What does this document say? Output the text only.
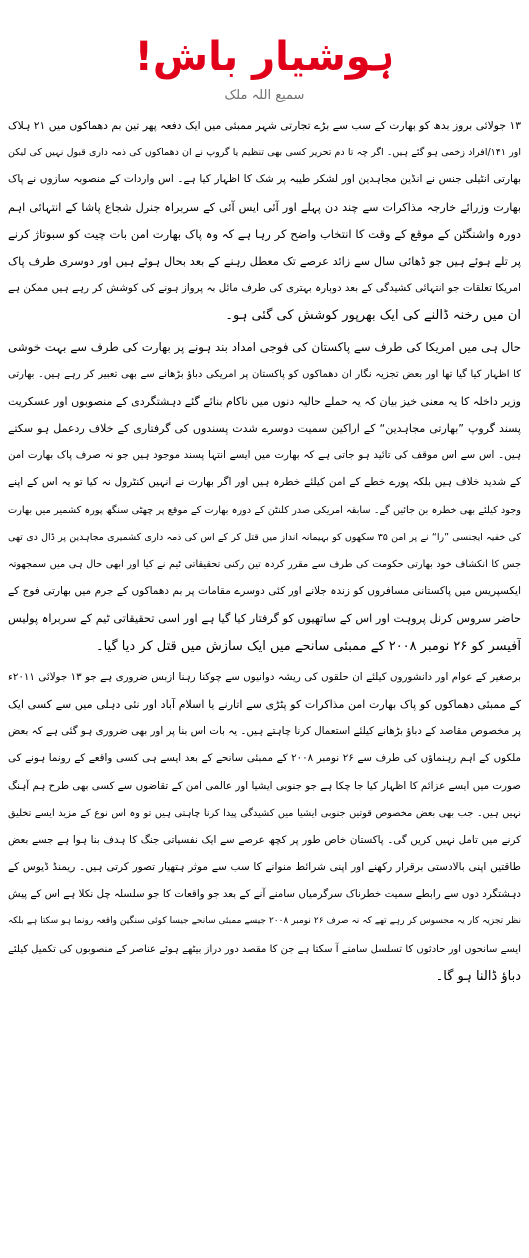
ہوشیار باش!
سمیع اللہ ملک
۱۳ جولائی بروز بدھ کو بھارت کے سب سے بڑے تجارتی شہر ممبئی میں ایک دفعہ پھر تین بم دھماکوں میں ۲۱ ہلاک
اور ۱۴۱/افراد زخمی ہو گئے ہیں۔ اگر چہ تا دم تحریر کسی بھی تنظیم یا گروپ نے ان دھماکوں کی ذمہ داری قبول نہیں کی لیکن
بھارتی انٹیلی جنس نے انڈین مجاہدین اور لشکر طیبہ پر شک کا اظہار کیا ہے۔ اس واردات کے منصوبہ سازوں نے پاک
بھارت وزرائے خارجہ مذاکرات سے چند دن پہلے اور آئی ایس آئی کے سربراہ جنرل شجاع پاشا کے انتہائی اہم
دورہ واشنگٹن کے موقع کے وقت کا انتخاب واضح کر رہا ہے کہ وہ پاک بھارت امن بات چیت کو سبوتاژ کرنے
پر تلے ہوئے ہیں جو ڈھائی سال سے زائد عرصے تک معطل رہنے کے بعد بحال ہوئے ہیں اور دوسری طرف پاک
امریکا تعلقات جو انتہائی کشیدگی کے بعد دوبارہ بہتری کی طرف مائل بہ پرواز ہونے کی کوشش کر رہے ہیں ممکن ہے
ان میں رخنہ ڈالنے کی ایک بھرپور کوشش کی گئی ہو۔
حال ہی میں امریکا کی طرف سے پاکستان کی فوجی امداد بند ہونے پر بھارت کی طرف سے بہت خوشی
کا اظہار کیا گیا تھا اور بعض تجزیہ نگار ان دھماکوں کو پاکستان پر امریکی دباؤ بڑھانے سے بھی تعبیر کر رہے ہیں۔ بھارتی
وزیر داخلہ کا یہ معنی خیز بیان کہ یہ حملے حالیہ دنوں میں ناکام بنائے گئے دہشتگردی کے منصوبوں اور عسکریت
پسند گروپ ”بھارتی مجاہدین“ کے اراکین سمیت دوسرے شدت پسندوں کی گرفتاری کے خلاف ردعمل ہو سکتے
ہیں۔ اس سے اس موقف کی تائید ہو جاتی ہے کہ بھارت میں ایسے انتہا پسند موجود ہیں جو نہ صرف پاک بھارت امن
کے شدید خلاف ہیں بلکہ پورے خطے کے امن کیلئے خطرہ ہیں اور اگر بھارت نے انہیں کنٹرول نہ کیا تو یہ اس کے اپنے
وجود کیلئے بھی خطرہ بن جائیں گے۔ سابقہ امریکی صدر کلنٹن کے دورہ بھارت کے موقع پر چھٹی سنگھ پورہ کشمیر میں بھارت
کی خفیہ ایجنسی ”را“ نے پر امن ۳۵ سکھوں کو بہیمانہ انداز میں قتل کر کے اس کی ذمہ داری کشمیری مجاہدین پر ڈال دی تھی
جس کا انکشاف خود بھارتی حکومت کی طرف سے مقرر کردہ تین رکنی تحقیقاتی ٹیم نے کیا اور ابھی حال ہی میں سمجھوتہ
ایکسپریس میں پاکستانی مسافروں کو زندہ جلانے اور کئی دوسرے مقامات پر بم دھماکوں کے جرم میں بھارتی فوج کے
حاضر سروس کرنل پروہت اور اس کے ساتھیوں کو گرفتار کیا گیا ہے اور اسی تحقیقاتی ٹیم کے سربراہ پولیس
آفیسر کو ۲۶ نومبر ۲۰۰۸ کے ممبئی سانحے میں ایک سازش میں قتل کر دیا گیا۔
برصغیر کے عوام اور دانشوروں کیلئے ان حلقوں کی ریشہ دوانیوں سے چوکنا رہنا ازبس ضروری ہے جو ۱۳ جولائی ۲۰۱۱ء
کے ممبئی دھماکوں کو پاک بھارت امن مذاکرات کو پٹڑی سے اتارنے یا اسلام آباد اور نئی دہلی میں سے کسی ایک
پر مخصوص مقاصد کے دباؤ بڑھانے کیلئے استعمال کرنا چاہتے ہیں۔ یہ بات اس بنا پر اور بھی ضروری ہو گئی ہے کہ بعض
ملکوں کے اہم رہنماؤں کی طرف سے ۲۶ نومبر ۲۰۰۸ کے ممبئی سانحے کے بعد ایسے ہی کسی واقعے کے رونما ہونے کی
صورت میں ایسے عزائم کا اظہار کیا جا چکا ہے جو جنوبی ایشیا اور عالمی امن کے تقاضوں سے کسی بھی طرح ہم آہنگ
نہیں ہیں۔ جب بھی بعض مخصوص قوتیں جنوبی ایشیا میں کشیدگی پیدا کرنا چاہتی ہیں تو وہ اس نوع کے مزید ایسے تخلیق
کرنے میں تامل نہیں کریں گی۔ پاکستان خاص طور پر کچھ عرصے سے ایک نفسیاتی جنگ کا ہدف بنا ہوا ہے جسے بعض
طاقتیں اپنی بالادستی برقرار رکھنے اور اپنی شرائط منوانے کا سب سے موثر ہتھیار تصور کرتی ہیں۔ ریمنڈ ڈیوس کے
دہشتگرد دوں سے رابطے سمیت خطرناک سرگرمیاں سامنے آنے کے بعد جو واقعات کا جو سلسلہ چل نکلا ہے اس کے پیش
نظر تجزیہ کار یہ محسوس کر رہے تھے کہ نہ صرف ۲۶ نومبر ۲۰۰۸ جیسے ممبئی سانحے جیسا کوئی سنگین واقعہ رونما ہو سکتا ہے بلکہ
ایسے سانحوں اور حادثوں کا تسلسل سامنے آ سکتا ہے جن کا مقصد دور دراز بیٹھے ہوئے عناصر کے منصوبوں کی تکمیل کیلئے
دباؤ ڈالنا ہو گا۔
